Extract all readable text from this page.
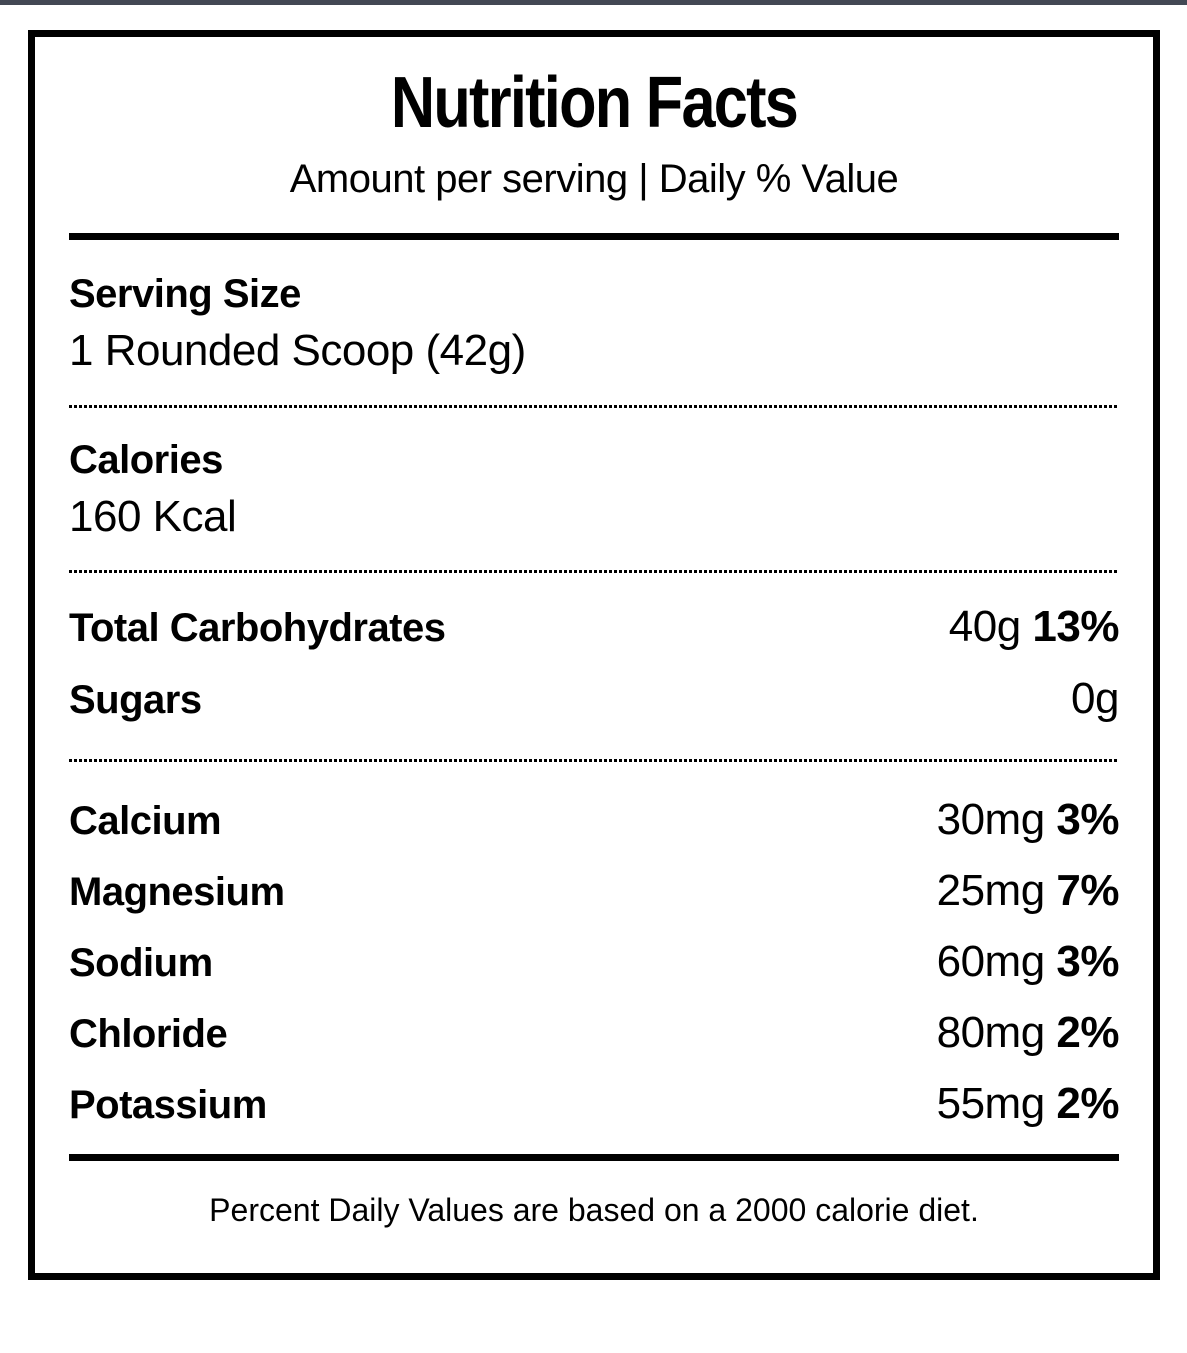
Nutrition Facts
Amount per serving | Daily % Value
Serving Size
1 Rounded Scoop (42g)
Calories
160 Kcal
Total Carbohydrates	40g 13%
Sugars	0g
Calcium	30mg 3%
Magnesium	25mg 7%
Sodium	60mg 3%
Chloride	80mg 2%
Potassium	55mg 2%
Percent Daily Values are based on a 2000 calorie diet.
